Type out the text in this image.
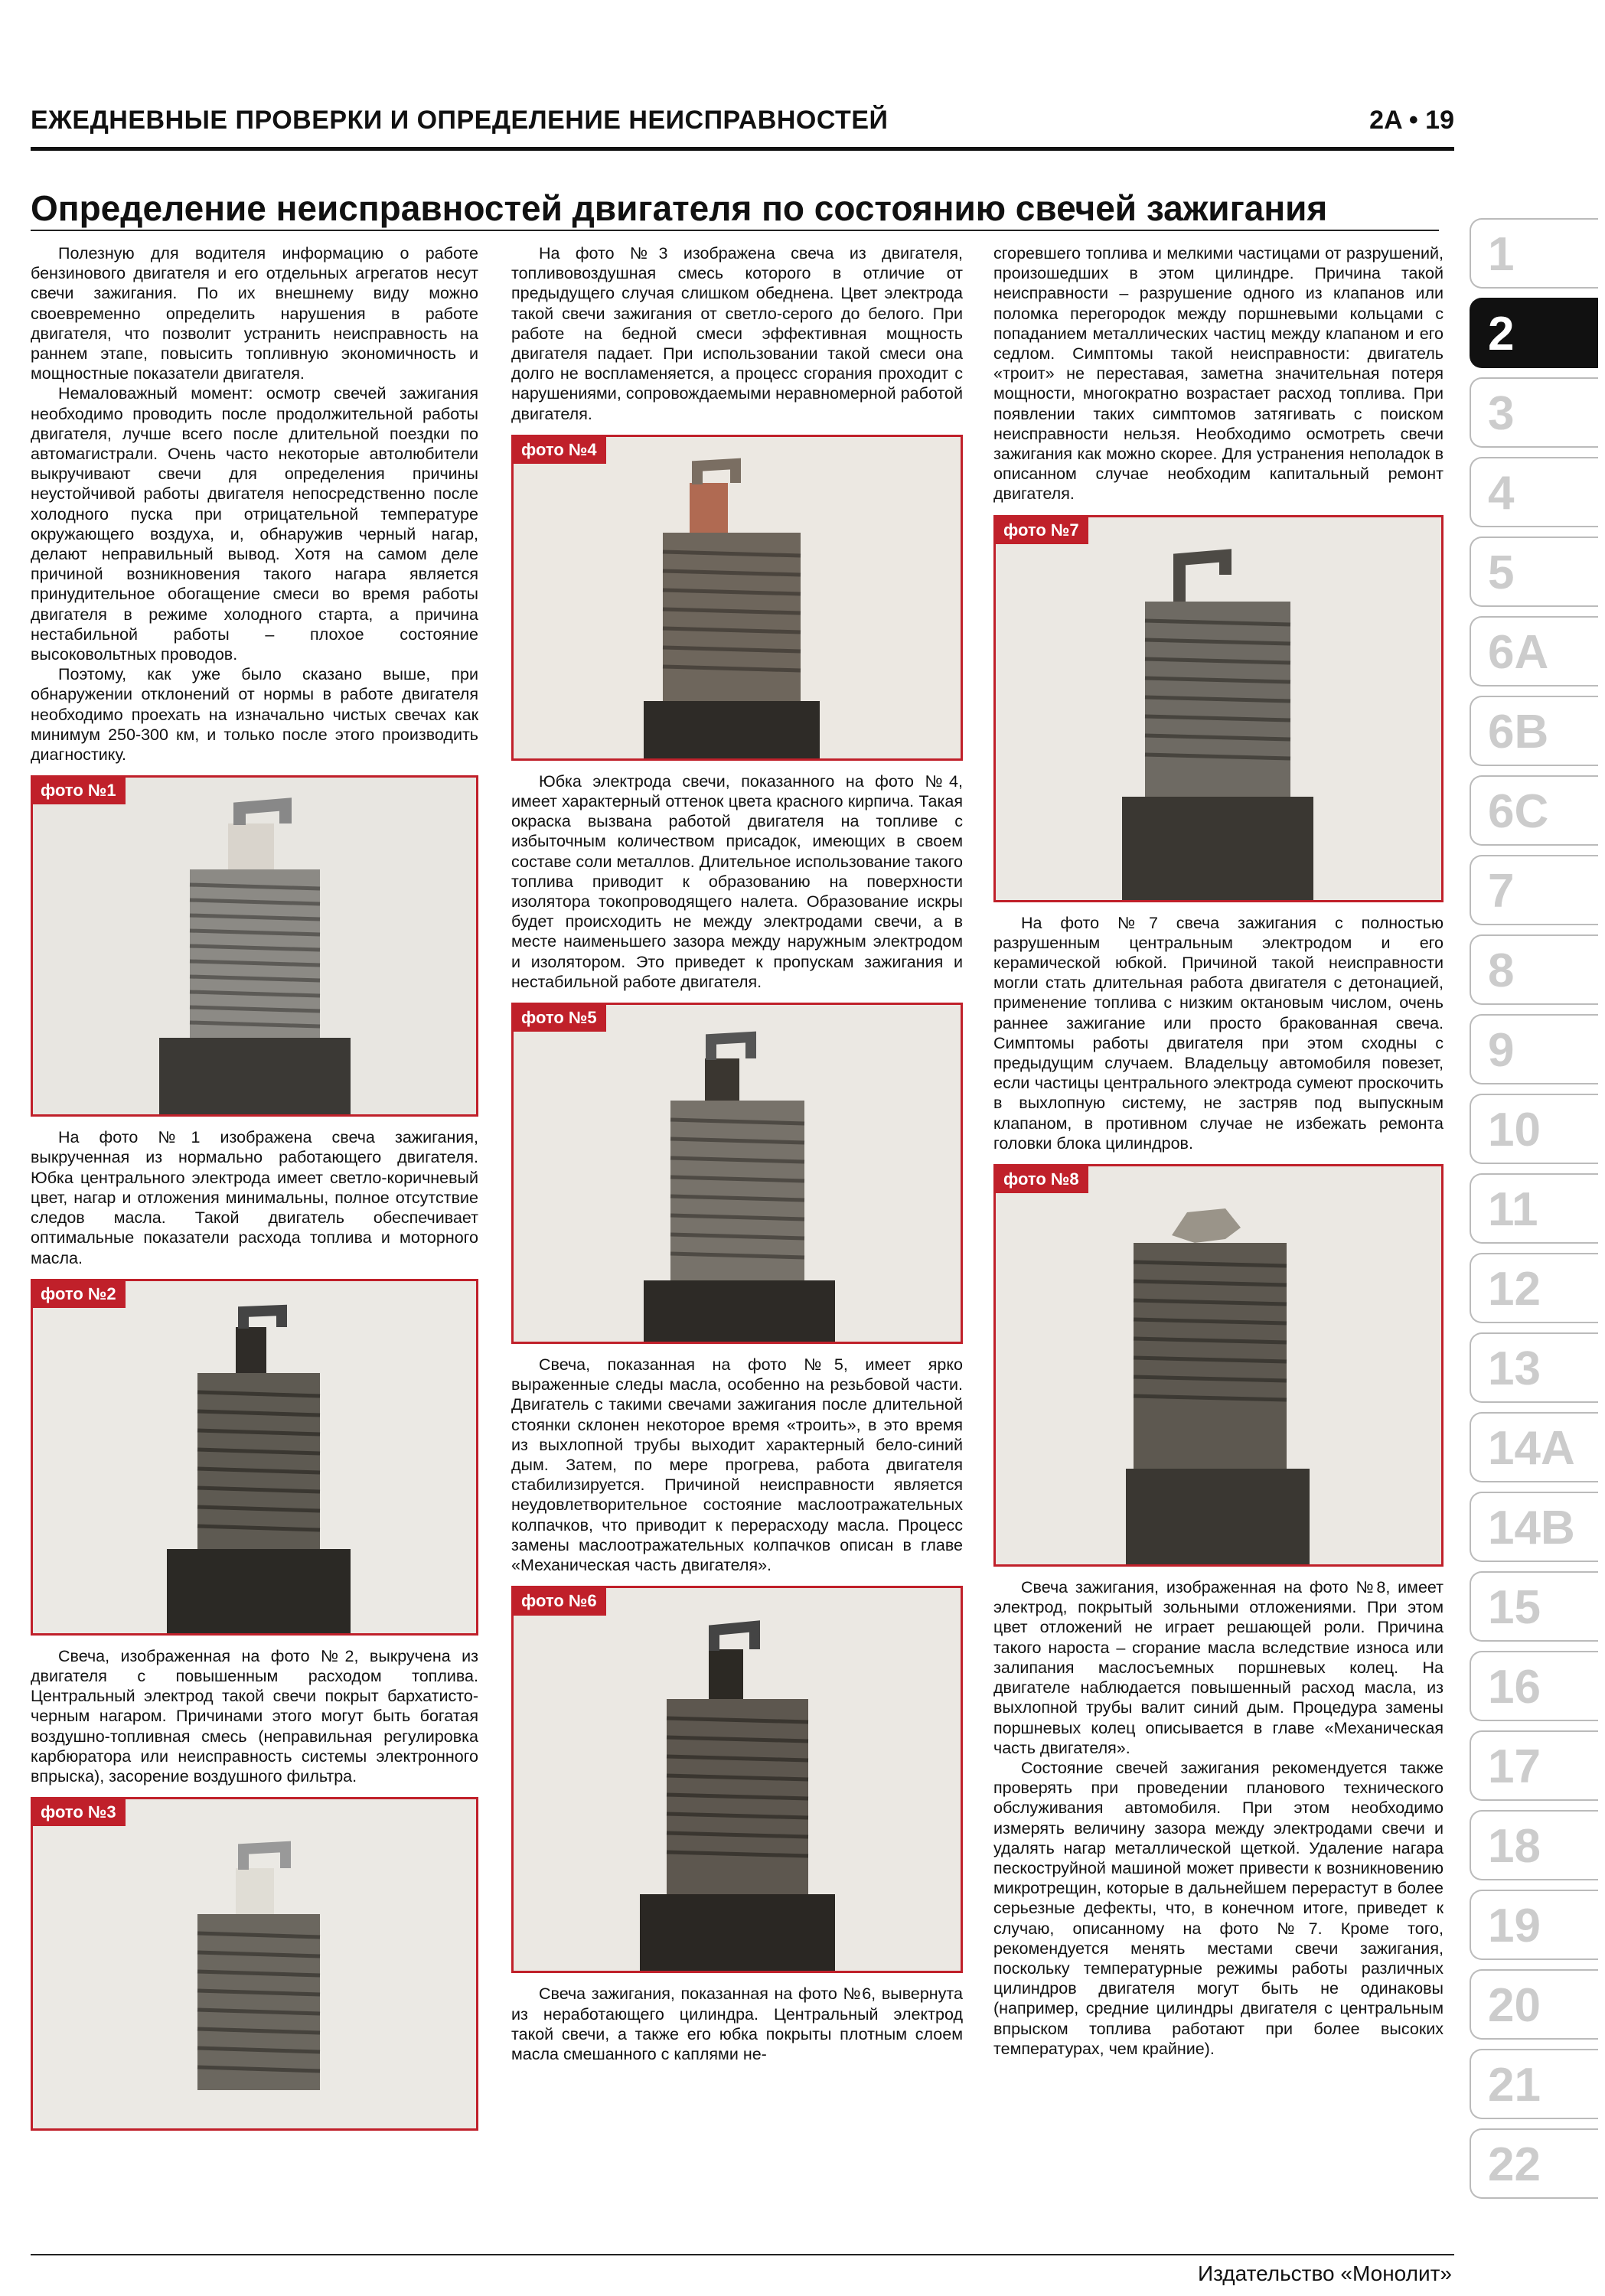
ЕЖЕДНЕВНЫЕ ПРОВЕРКИ И ОПРЕДЕЛЕНИЕ НЕИСПРАВНОСТЕЙ	2A • 19
Определение неисправностей двигателя по состоянию свечей зажигания

Полезную для водителя информацию о работе бензинового двигателя и его отдельных агрегатов несут свечи зажигания. По их внешнему виду можно своевременно определить нарушения в работе двигателя, что позволит устранить неисправность на раннем этапе, повысить топливную экономичность и мощностные показатели двигателя.

Немаловажный момент: осмотр свечей зажигания необходимо проводить после продолжительной работы двигателя, лучше всего после длительной поездки по автомагистрали. Очень часто некоторые автолюбители выкручивают свечи для определения причины неустойчивой работы двигателя непосредственно после холодного пуска при отрицательной температуре окружающего воздуха, и, обнаружив черный нагар, делают неправильный вывод. Хотя на самом деле причиной возникновения такого нагара является принудительное обогащение смеси во время работы двигателя в режиме холодного старта, а причина нестабильной работы – плохое состояние высоковольтных проводов.

Поэтому, как уже было сказано выше, при обнаружении отклонений от нормы в работе двигателя необходимо проехать на изначально чистых свечах как минимум 250-300 км, и только после этого производить диагностику.

фото №1

На фото №1 изображена свеча зажигания, выкрученная из нормально работающего двигателя. Юбка центрального электрода имеет светло-коричневый цвет, нагар и отложения минимальны, полное отсутствие следов масла. Такой двигатель обеспечивает оптимальные показатели расхода топлива и моторного масла.

фото №2

Свеча, изображенная на фото №2, выкручена из двигателя с повышенным расходом топлива. Центральный электрод такой свечи покрыт бархатисто-черным нагаром. Причинами этого могут быть богатая воздушно-топливная смесь (неправильная регулировка карбюратора или неисправность системы электронного впрыска), засорение воздушного фильтра.

фото №3

На фото №3 изображена свеча из двигателя, топливовоздушная смесь которого в отличие от предыдущего случая слишком обеднена. Цвет электрода такой свечи зажигания от светло-серого до белого. При работе на бедной смеси эффективная мощность двигателя падает. При использовании такой смеси она долго не воспламеняется, а процесс сгорания проходит с нарушениями, сопровождаемыми неравномерной работой двигателя.

фото №4

Юбка электрода свечи, показанного на фото №4, имеет характерный оттенок цвета красного кирпича. Такая окраска вызвана работой двигателя на топливе с избыточным количеством присадок, имеющих в своем составе соли металлов. Длительное использование такого топлива приводит к образованию на поверхности изолятора токопроводящего налета. Образование искры будет происходить не между электродами свечи, а в месте наименьшего зазора между наружным электродом и изолятором. Это приведет к пропускам зажигания и нестабильной работе двигателя.

фото №5

Свеча, показанная на фото №5, имеет ярко выраженные следы масла, особенно на резьбовой части. Двигатель с такими свечами зажигания после длительной стоянки склонен некоторое время «троить», в это время из выхлопной трубы выходит характерный бело-синий дым. Затем, по мере прогрева, работа двигателя стабилизируется. Причиной неисправности является неудовлетворительное состояние маслоотражательных колпачков, что приводит к перерасходу масла. Процесс замены маслоотражательных колпачков описан в главе «Механическая часть двигателя».

фото №6

Свеча зажигания, показанная на фото №6, вывернута из неработающего цилиндра. Центральный электрод такой свечи, а также его юбка покрыты плотным слоем масла смешанного с каплями не-

сгоревшего топлива и мелкими частицами от разрушений, произошедших в этом цилиндре. Причина такой неисправности – разрушение одного из клапанов или поломка перегородок между поршневыми кольцами с попаданием металлических частиц между клапаном и его седлом. Симптомы такой неисправности: двигатель «троит» не переставая, заметна значительная потеря мощности, многократно возрастает расход топлива. При появлении таких симптомов затягивать с поиском неисправности нельзя. Необходимо осмотреть свечи зажигания как можно скорее. Для устранения неполадок в описанном случае необходим капитальный ремонт двигателя.

фото №7

На фото №7 свеча зажигания с полностью разрушенным центральным электродом и его керамической юбкой. Причиной такой неисправности могли стать длительная работа двигателя с детонацией, применение топлива с низким октановым числом, очень раннее зажигание или просто бракованная свеча. Симптомы работы двигателя при этом сходны с предыдущим случаем. Владельцу автомобиля повезет, если частицы центрального электрода сумеют проскочить в выхлопную систему, не застряв под выпускным клапаном, в противном случае не избежать ремонта головки блока цилиндров.

фото №8

Свеча зажигания, изображенная на фото №8, имеет электрод, покрытый зольными отложениями. При этом цвет отложений не играет решающей роли. Причина такого нароста – сгорание масла вследствие износа или залипания маслосъемных поршневых колец. На двигателе наблюдается повышенный расход масла, из выхлопной трубы валит синий дым. Процедура замены поршневых колец описывается в главе «Механическая часть двигателя».

Состояние свечей зажигания рекомендуется также проверять при проведении планового технического обслуживания автомобиля. При этом необходимо измерять величину зазора между электродами свечи и удалять нагар металлической щеткой. Удаление нагара пескоструйной машиной может привести к возникновению микротрещин, которые в дальнейшем перерастут в более серьезные дефекты, что, в конечном итоге, приведет к случаю, описанному на фото №7. Кроме того, рекомендуется менять местами свечи зажигания, поскольку температурные режимы работы различных цилиндров двигателя могут быть не одинаковы (например, средние цилиндры двигателя с центральным впрыском топлива работают при более высоких температурах, чем крайние).

1
2
3
4
5
6A
6B
6C
7
8
9
10
11
12
13
14A
14B
15
16
17
18
19
20
21
22
Издательство «Монолит»
